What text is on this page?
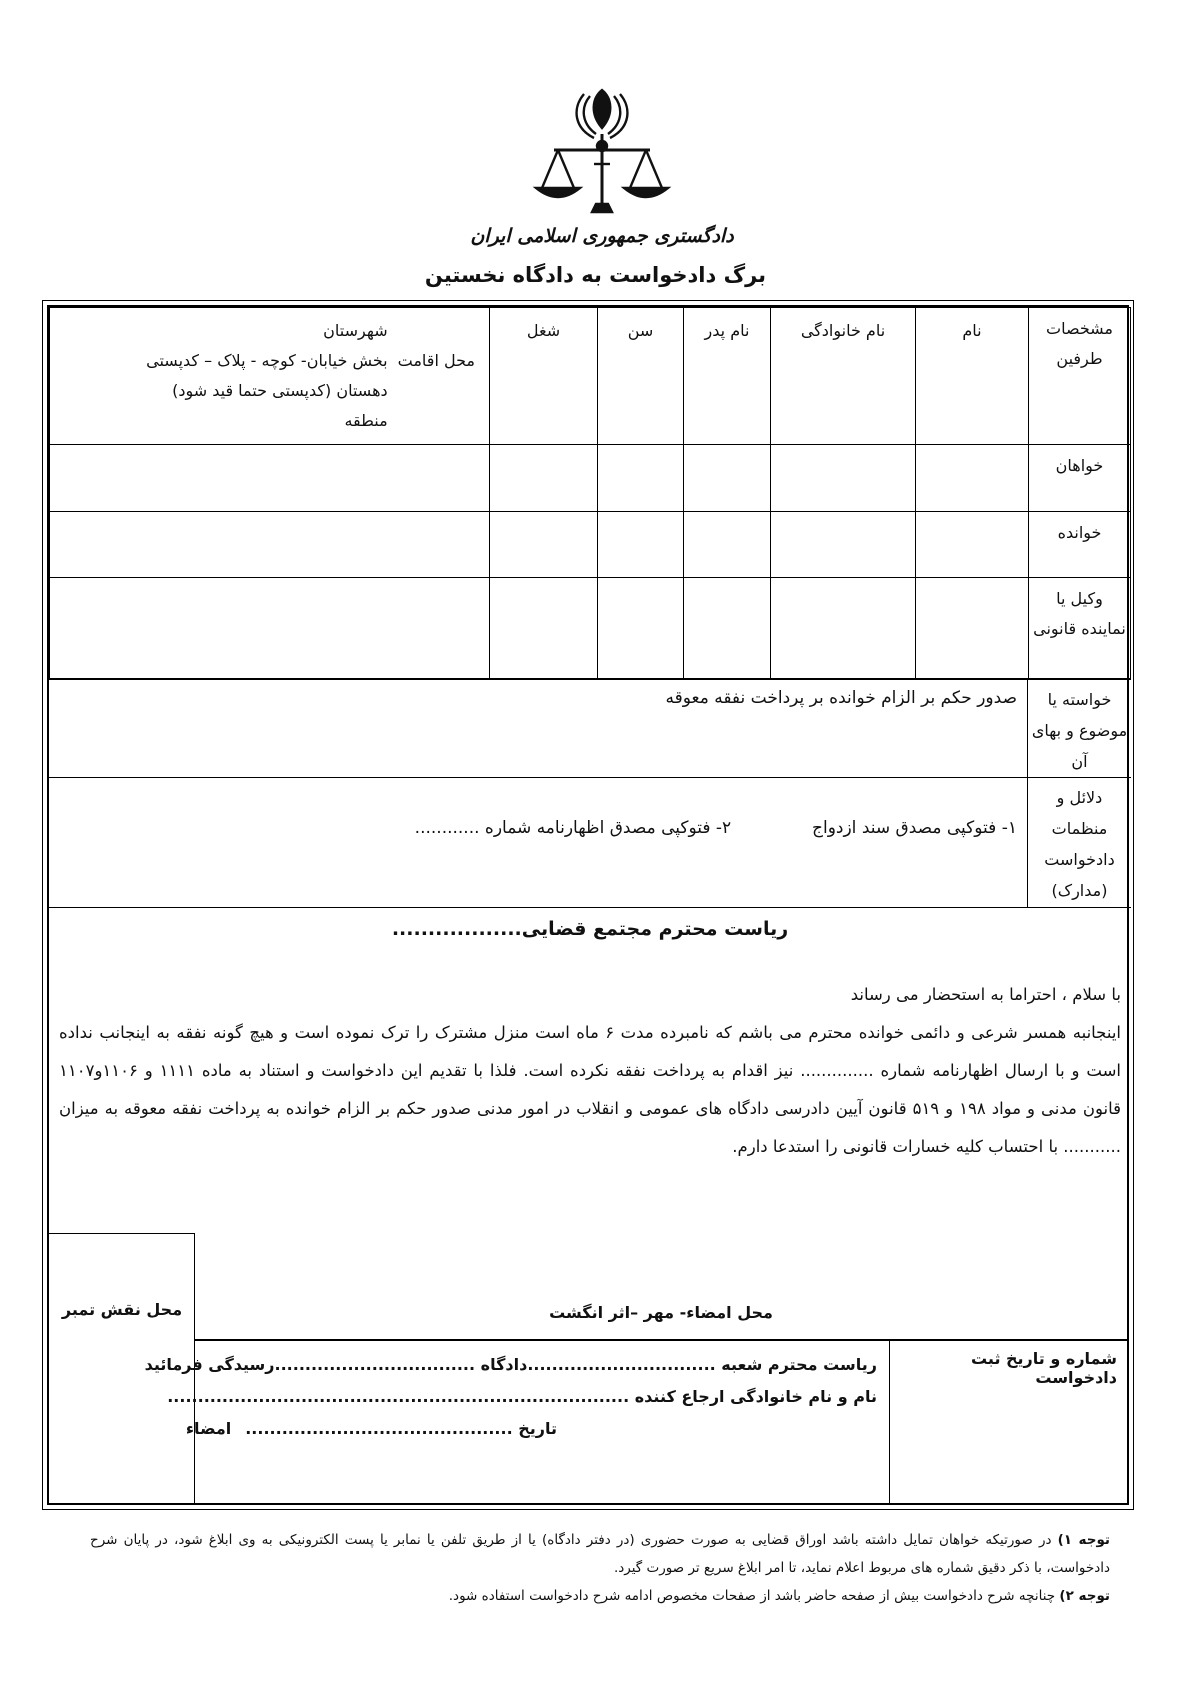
دادگستری جمهوری اسلامی ایران
برگ دادخواست به دادگاه نخستین
مشخصات طرفین	نام	نام خانوادگی	نام پدر	سن	شغل	محل اقامت
شهرستان
بخش خیابان- کوچه - پلاک – کدپستی
دهستان (کدپستی حتما قید شود)
منطقه

خواهان						
خوانده						
وکیل یا نماینده قانونی						
خواسته یا موضوع و بهای آن
صدور حکم بر الزام خوانده بر پرداخت نفقه معوقه
دلائل و منظمات دادخواست (مدارک)
۱- فتوکپی مصدق سند ازدواج  ۲- فتوکپی مصدق اظهارنامه شماره ............
ریاست محترم مجتمع قضایی..................

با سلام ، احتراما به استحضار می رساند

اینجانبه همسر شرعی و دائمی خوانده محترم می باشم که نامبرده مدت ۶ ماه است منزل مشترک را ترک نموده است و هیچ گونه نفقه به اینجانب نداده است و با ارسال اظهارنامه شماره .............. نیز اقدام به پرداخت نفقه نکرده است. فلذا با تقدیم این دادخواست و استناد به ماده ۱۱۱۱ و ۱۱۰۶و۱۱۰۷ قانون مدنی و مواد ۱۹۸ و ۵۱۹ قانون آیین دادرسی دادگاه های عمومی و انقلاب در امور مدنی صدور حکم بر الزام خوانده به پرداخت نفقه معوقه به میزان ........... با احتساب کلیه خسارات قانونی را استدعا دارم.

محل نقش تمبر	محل امضاء- مهر –اثر انگشت
شماره و تاریخ ثبت دادخواست
ریاست محترم شعبه ...............................
دادگاه .................................
رسیدگی فرمائید
نام و نام خانوادگی ارجاع کننده ............................................................................
تاریخ ............................................
امضاء

توجه ۱) در صورتیکه خواهان تمایل داشته باشد اوراق قضایی به صورت حضوری (در دفتر دادگاه) یا از طریق تلفن یا نمابر یا پست الکترونیکی به وی ابلاغ شود، در پایان شرح دادخواست، با ذکر دقیق شماره های مربوط اعلام نماید، تا امر ابلاغ سریع تر صورت گیرد.

توجه ۲) چنانچه شرح دادخواست بیش از صفحه حاضر باشد از صفحات مخصوص ادامه شرح دادخواست استفاده شود.
